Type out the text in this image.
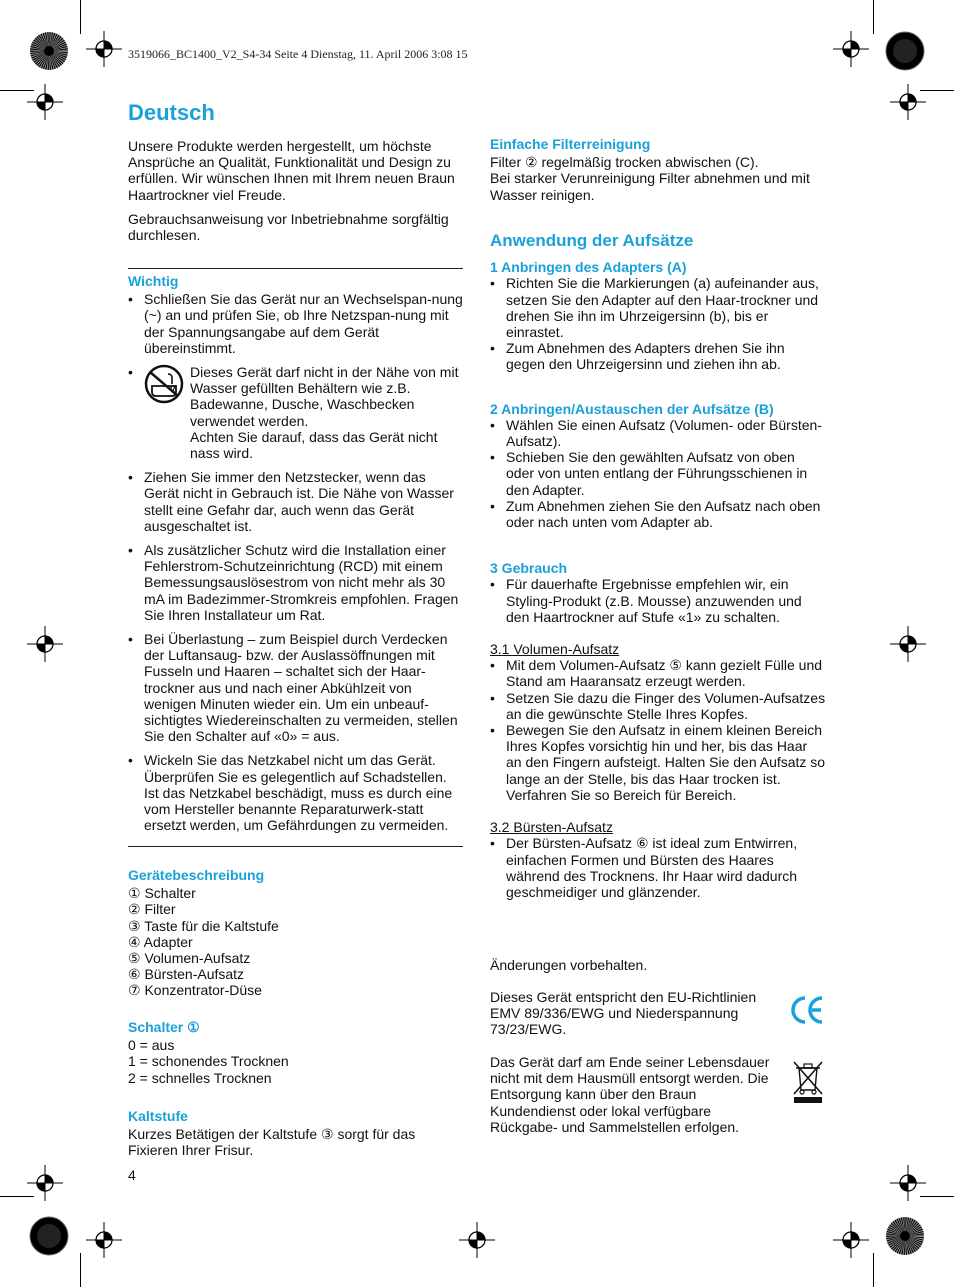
3519066_BC1400_V2_S4-34 Seite 4 Dienstag, 11. April 2006 3:08 15
Deutsch

Unsere Produkte werden hergestellt, um höchste Ansprüche an Qualität, Funktionalität und Design zu erfüllen. Wir wünschen Ihnen mit Ihrem neuen Braun Haartrockner viel Freude.

Gebrauchsanweisung vor Inbetriebnahme sorgfältig durchlesen.

Wichtig
• Schließen Sie das Gerät nur an Wechselspan-nung (~) an und prüfen Sie, ob Ihre Netzspan-nung mit der Spannungsangabe auf dem Gerät übereinstimmt.
• Dieses Gerät darf nicht in der Nähe von mit Wasser gefüllten Behältern wie z.B. Badewanne, Dusche, Waschbecken verwendet werden.
Achten Sie darauf, dass das Gerät nicht nass wird.
• Ziehen Sie immer den Netzstecker, wenn das Gerät nicht in Gebrauch ist. Die Nähe von Wasser stellt eine Gefahr dar, auch wenn das Gerät ausgeschaltet ist.
• Als zusätzlicher Schutz wird die Installation einer Fehlerstrom-Schutzeinrichtung (RCD) mit einem Bemessungsauslösestrom von nicht mehr als 30 mA im Badezimmer-Stromkreis empfohlen. Fragen Sie Ihren Installateur um Rat.
• Bei Überlastung – zum Beispiel durch Verdecken der Luftansaug- bzw. der Auslassöffnungen mit Fusseln und Haaren – schaltet sich der Haar-trockner aus und nach einer Abkühlzeit von wenigen Minuten wieder ein. Um ein unbeauf-sichtigtes Wiedereinschalten zu vermeiden, stellen Sie den Schalter auf «0» = aus.
• Wickeln Sie das Netzkabel nicht um das Gerät. Überprüfen Sie es gelegentlich auf Schadstellen. Ist das Netzkabel beschädigt, muss es durch eine vom Hersteller benannte Reparaturwerk-statt ersetzt werden, um Gefährdungen zu vermeiden.
Gerätebeschreibung
① Schalter
② Filter
③ Taste für die Kaltstufe
④ Adapter
⑤ Volumen-Aufsatz
⑥ Bürsten-Aufsatz
⑦ Konzentrator-Düse
Schalter ①
0 = aus
1 = schonendes Trocknen
2 = schnelles Trocknen
Kaltstufe

Kurzes Betätigen der Kaltstufe ③ sorgt für das Fixieren Ihrer Frisur.

4
Einfache Filterreinigung

Filter ② regelmäßig trocken abwischen (C).

Bei starker Verunreinigung Filter abnehmen und mit Wasser reinigen.

Anwendung der Aufsätze
1 Anbringen des Adapters (A)
• Richten Sie die Markierungen (a) aufeinander aus, setzen Sie den Adapter auf den Haar-trockner und drehen Sie ihn im Uhrzeigersinn (b), bis er einrastet.
• Zum Abnehmen des Adapters drehen Sie ihn gegen den Uhrzeigersinn und ziehen ihn ab.
2 Anbringen/Austauschen der Aufsätze (B)
• Wählen Sie einen Aufsatz (Volumen- oder Bürsten-Aufsatz).
• Schieben Sie den gewählten Aufsatz von oben oder von unten entlang der Führungsschienen in den Adapter.
• Zum Abnehmen ziehen Sie den Aufsatz nach oben oder nach unten vom Adapter ab.
3 Gebrauch
• Für dauerhafte Ergebnisse empfehlen wir, ein Styling-Produkt (z.B. Mousse) anzuwenden und den Haartrockner auf Stufe «1» zu schalten.
3.1 Volumen-Aufsatz
• Mit dem Volumen-Aufsatz ⑤ kann gezielt Fülle und Stand am Haaransatz erzeugt werden.
• Setzen Sie dazu die Finger des Volumen-Aufsatzes an die gewünschte Stelle Ihres Kopfes.
• Bewegen Sie den Aufsatz in einem kleinen Bereich Ihres Kopfes vorsichtig hin und her, bis das Haar an den Fingern aufsteigt. Halten Sie den Aufsatz so lange an der Stelle, bis das Haar trocken ist. Verfahren Sie so Bereich für Bereich.
3.2 Bürsten-Aufsatz
• Der Bürsten-Aufsatz ⑥ ist ideal zum Entwirren, einfachen Formen und Bürsten des Haares während des Trocknens. Ihr Haar wird dadurch geschmeidiger und glänzender.
Änderungen vorbehalten.
Dieses Gerät entspricht den EU-Richtlinien EMV 89/336/EWG und Niederspannung 73/23/EWG.
Das Gerät darf am Ende seiner Lebensdauer nicht mit dem Hausmüll entsorgt werden. Die Entsorgung kann über den Braun Kundendienst oder lokal verfügbare Rückgabe- und Sammelstellen erfolgen.
